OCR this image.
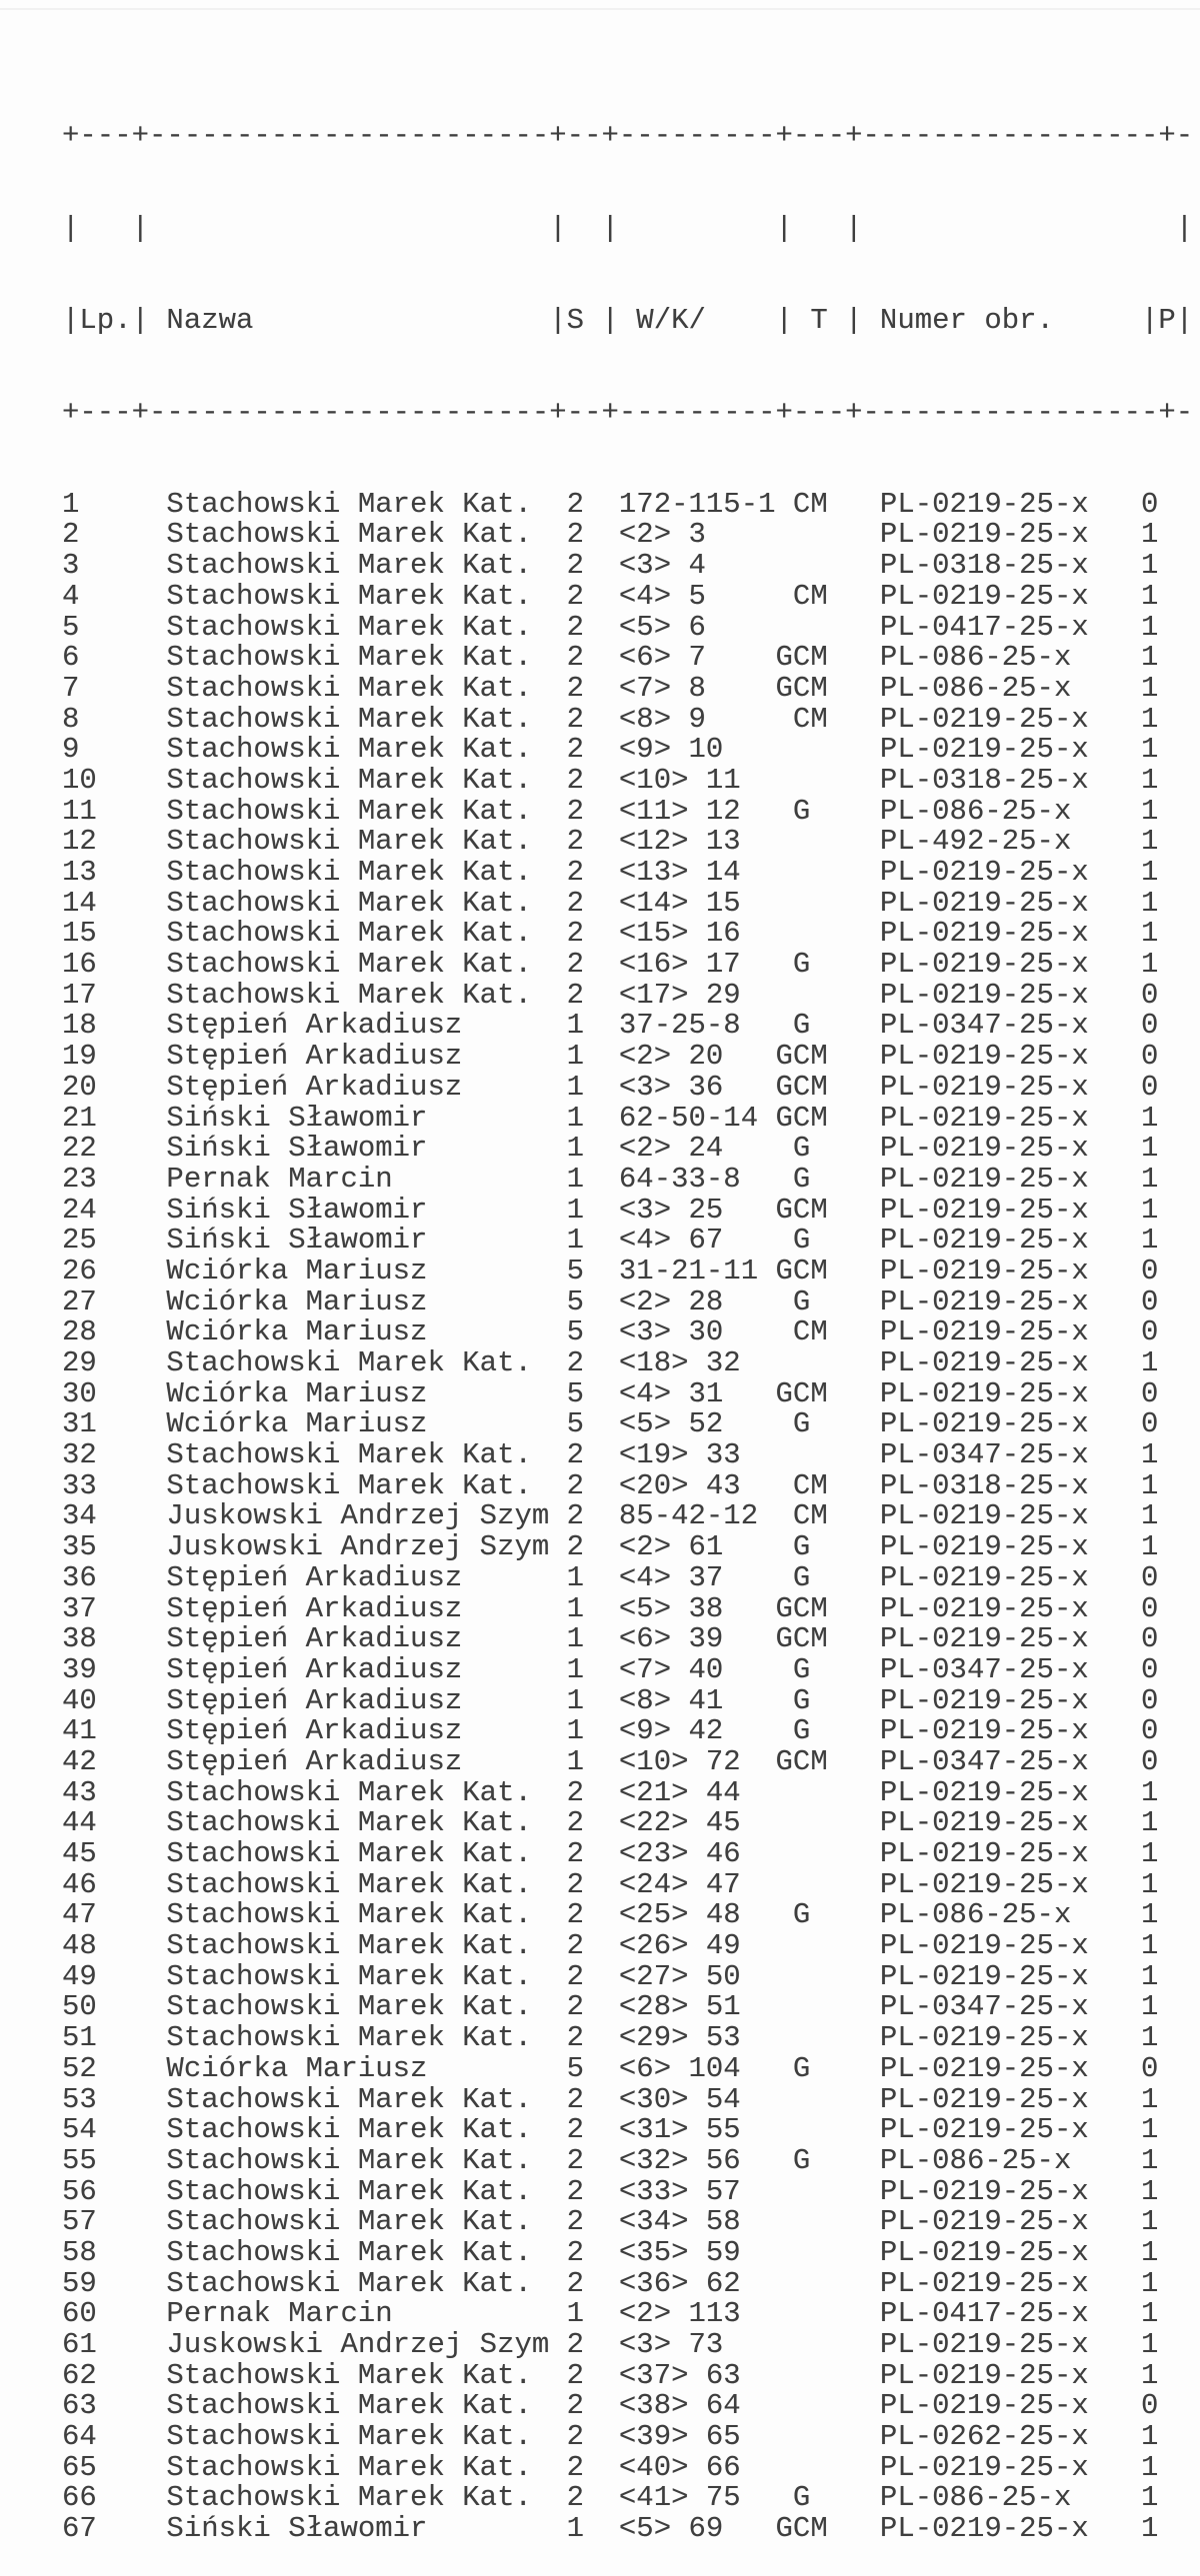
+---+-----------------------+--+---------+---+-----------------+-

|   |                       |  |         |   |                  |

|Lp.| Nazwa                 |S | W/K/    | T | Numer obr.     |P|

+---+-----------------------+--+---------+---+-----------------+-

1     Stachowski Marek Kat.  2  172-115-1 CM   PL-0219-25-x   0
2     Stachowski Marek Kat.  2  <2> 3          PL-0219-25-x   1
3     Stachowski Marek Kat.  2  <3> 4          PL-0318-25-x   1
4     Stachowski Marek Kat.  2  <4> 5     CM   PL-0219-25-x   1
5     Stachowski Marek Kat.  2  <5> 6          PL-0417-25-x   1
6     Stachowski Marek Kat.  2  <6> 7    GCM   PL-086-25-x    1
7     Stachowski Marek Kat.  2  <7> 8    GCM   PL-086-25-x    1
8     Stachowski Marek Kat.  2  <8> 9     CM   PL-0219-25-x   1
9     Stachowski Marek Kat.  2  <9> 10         PL-0219-25-x   1
10    Stachowski Marek Kat.  2  <10> 11        PL-0318-25-x   1
11    Stachowski Marek Kat.  2  <11> 12   G    PL-086-25-x    1
12    Stachowski Marek Kat.  2  <12> 13        PL-492-25-x    1
13    Stachowski Marek Kat.  2  <13> 14        PL-0219-25-x   1
14    Stachowski Marek Kat.  2  <14> 15        PL-0219-25-x   1
15    Stachowski Marek Kat.  2  <15> 16        PL-0219-25-x   1
16    Stachowski Marek Kat.  2  <16> 17   G    PL-0219-25-x   1
17    Stachowski Marek Kat.  2  <17> 29        PL-0219-25-x   0
18    Stępień Arkadiusz      1  37-25-8   G    PL-0347-25-x   0
19    Stępień Arkadiusz      1  <2> 20   GCM   PL-0219-25-x   0
20    Stępień Arkadiusz      1  <3> 36   GCM   PL-0219-25-x   0
21    Siński Sławomir        1  62-50-14 GCM   PL-0219-25-x   1
22    Siński Sławomir        1  <2> 24    G    PL-0219-25-x   1
23    Pernak Marcin          1  64-33-8   G    PL-0219-25-x   1
24    Siński Sławomir        1  <3> 25   GCM   PL-0219-25-x   1
25    Siński Sławomir        1  <4> 67    G    PL-0219-25-x   1
26    Wciórka Mariusz        5  31-21-11 GCM   PL-0219-25-x   0
27    Wciórka Mariusz        5  <2> 28    G    PL-0219-25-x   0
28    Wciórka Mariusz        5  <3> 30    CM   PL-0219-25-x   0
29    Stachowski Marek Kat.  2  <18> 32        PL-0219-25-x   1
30    Wciórka Mariusz        5  <4> 31   GCM   PL-0219-25-x   0
31    Wciórka Mariusz        5  <5> 52    G    PL-0219-25-x   0
32    Stachowski Marek Kat.  2  <19> 33        PL-0347-25-x   1
33    Stachowski Marek Kat.  2  <20> 43   CM   PL-0318-25-x   1
34    Juskowski Andrzej Szym 2  85-42-12  CM   PL-0219-25-x   1
35    Juskowski Andrzej Szym 2  <2> 61    G    PL-0219-25-x   1
36    Stępień Arkadiusz      1  <4> 37    G    PL-0219-25-x   0
37    Stępień Arkadiusz      1  <5> 38   GCM   PL-0219-25-x   0
38    Stępień Arkadiusz      1  <6> 39   GCM   PL-0219-25-x   0
39    Stępień Arkadiusz      1  <7> 40    G    PL-0347-25-x   0
40    Stępień Arkadiusz      1  <8> 41    G    PL-0219-25-x   0
41    Stępień Arkadiusz      1  <9> 42    G    PL-0219-25-x   0
42    Stępień Arkadiusz      1  <10> 72  GCM   PL-0347-25-x   0
43    Stachowski Marek Kat.  2  <21> 44        PL-0219-25-x   1
44    Stachowski Marek Kat.  2  <22> 45        PL-0219-25-x   1
45    Stachowski Marek Kat.  2  <23> 46        PL-0219-25-x   1
46    Stachowski Marek Kat.  2  <24> 47        PL-0219-25-x   1
47    Stachowski Marek Kat.  2  <25> 48   G    PL-086-25-x    1
48    Stachowski Marek Kat.  2  <26> 49        PL-0219-25-x   1
49    Stachowski Marek Kat.  2  <27> 50        PL-0219-25-x   1
50    Stachowski Marek Kat.  2  <28> 51        PL-0347-25-x   1
51    Stachowski Marek Kat.  2  <29> 53        PL-0219-25-x   1
52    Wciórka Mariusz        5  <6> 104   G    PL-0219-25-x   0
53    Stachowski Marek Kat.  2  <30> 54        PL-0219-25-x   1
54    Stachowski Marek Kat.  2  <31> 55        PL-0219-25-x   1
55    Stachowski Marek Kat.  2  <32> 56   G    PL-086-25-x    1
56    Stachowski Marek Kat.  2  <33> 57        PL-0219-25-x   1
57    Stachowski Marek Kat.  2  <34> 58        PL-0219-25-x   1
58    Stachowski Marek Kat.  2  <35> 59        PL-0219-25-x   1
59    Stachowski Marek Kat.  2  <36> 62        PL-0219-25-x   1
60    Pernak Marcin          1  <2> 113        PL-0417-25-x   1
61    Juskowski Andrzej Szym 2  <3> 73         PL-0219-25-x   1
62    Stachowski Marek Kat.  2  <37> 63        PL-0219-25-x   1
63    Stachowski Marek Kat.  2  <38> 64        PL-0219-25-x   0
64    Stachowski Marek Kat.  2  <39> 65        PL-0262-25-x   1
65    Stachowski Marek Kat.  2  <40> 66        PL-0219-25-x   1
66    Stachowski Marek Kat.  2  <41> 75   G    PL-086-25-x    1
67    Siński Sławomir        1  <5> 69   GCM   PL-0219-25-x   1
